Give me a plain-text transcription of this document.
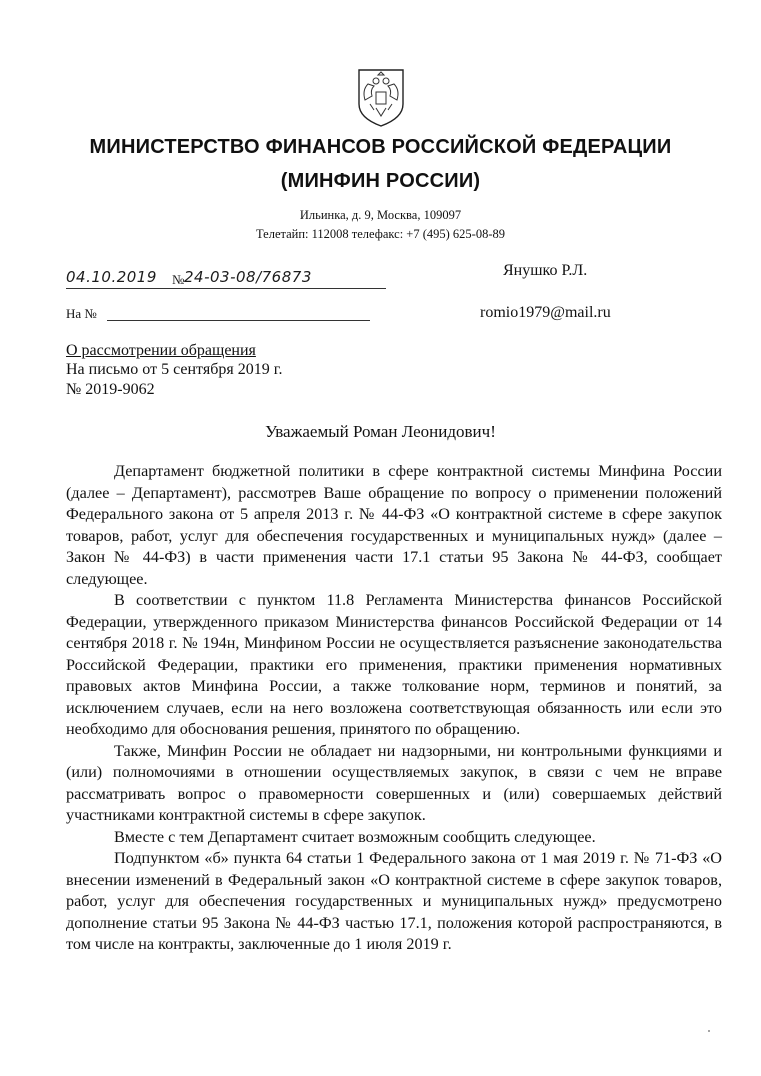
МИНИСТЕРСТВО ФИНАНСОВ РОССИЙСКОЙ ФЕДЕРАЦИИ
(МИНФИН РОССИИ)
Ильинка, д. 9, Москва, 109097
Телетайп: 112008 телефакс: +7 (495) 625-08-89
04.10.2019 № 24-03-08/76873
На №
Янушко Р.Л.
romio1979@mail.ru
О рассмотрении обращения
На письмо от 5 сентября 2019 г.
№ 2019-9062
Уважаемый Роман Леонидович!

Департамент бюджетной политики в сфере контрактной системы Минфина России (далее – Департамент), рассмотрев Ваше обращение по вопросу о применении положений Федерального закона от 5 апреля 2013 г. № 44-ФЗ «О контрактной системе в сфере закупок товаров, работ, услуг для обеспечения государственных и муниципальных нужд» (далее – Закон № 44-ФЗ) в части применения части 17.1 статьи 95 Закона № 44-ФЗ, сообщает следующее.

В соответствии с пунктом 11.8 Регламента Министерства финансов Российской Федерации, утвержденного приказом Министерства финансов Российской Федерации от 14 сентября 2018 г. № 194н, Минфином России не осуществляется разъяснение законодательства Российской Федерации, практики его применения, практики применения нормативных правовых актов Минфина России, а также толкование норм, терминов и понятий, за исключением случаев, если на него возложена соответствующая обязанность или если это необходимо для обоснования решения, принятого по обращению.

Также, Минфин России не обладает ни надзорными, ни контрольными функциями и (или) полномочиями в отношении осуществляемых закупок, в связи с чем не вправе рассматривать вопрос о правомерности совершенных и (или) совершаемых действий участниками контрактной системы в сфере закупок.

Вместе с тем Департамент считает возможным сообщить следующее.

Подпунктом «б» пункта 64 статьи 1 Федерального закона от 1 мая 2019 г. № 71-ФЗ «О внесении изменений в Федеральный закон «О контрактной системе в сфере закупок товаров, работ, услуг для обеспечения государственных и муниципальных нужд» предусмотрено дополнение статьи 95 Закона № 44-ФЗ частью 17.1, положения которой распространяются, в том числе на контракты, заключенные до 1 июля 2019 г.
